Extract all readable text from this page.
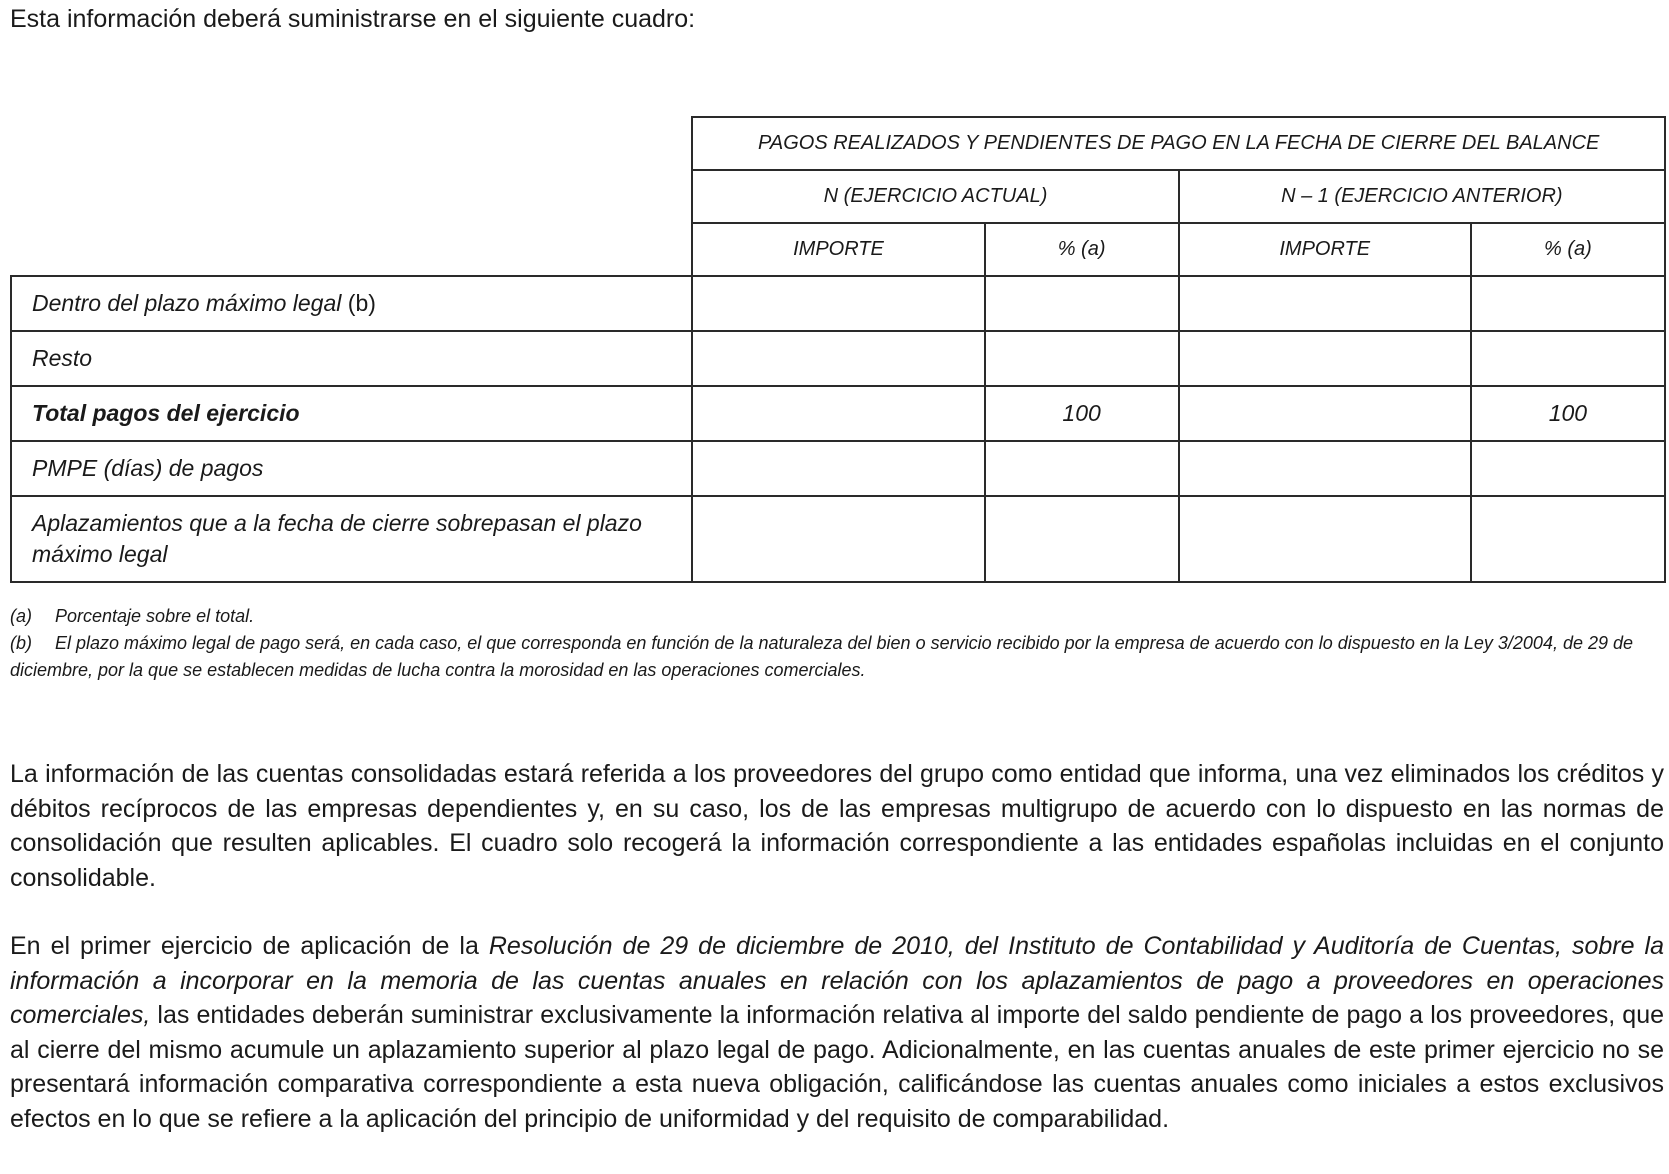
Esta información deberá suministrarse en el siguiente cuadro:

	PAGOS REALIZADOS Y PENDIENTES DE PAGO EN LA FECHA DE CIERRE DEL BALANCE			
	N (EJERCICIO ACTUAL)		N – 1 (EJERCICIO ANTERIOR)	
	IMPORTE	% (a)	IMPORTE	% (a)
Dentro del plazo máximo legal (b)				
Resto				
Total pagos del ejercicio		100		100
PMPE (días) de pagos				
Aplazamientos que a la fecha de cierre sobrepasan el plazo máximo legal				
(a) Porcentaje sobre el total.
(b) El plazo máximo legal de pago será, en cada caso, el que corresponda en función de la naturaleza del bien o servicio recibido por la empresa de acuerdo con lo dispuesto en la Ley 3/2004, de 29 de diciembre, por la que se establecen medidas de lucha contra la morosidad en las operaciones comerciales.

La información de las cuentas consolidadas estará referida a los proveedores del grupo como entidad que informa, una vez eliminados los créditos y débitos recíprocos de las empresas dependientes y, en su caso, los de las empresas multigrupo de acuerdo con lo dispuesto en las normas de consolidación que resulten aplicables. El cuadro solo recogerá la información correspondiente a las entidades españolas incluidas en el conjunto consolidable.

En el primer ejercicio de aplicación de la Resolución de 29 de diciembre de 2010, del Instituto de Contabilidad y Auditoría de Cuentas, sobre la información a incorporar en la memoria de las cuentas anuales en relación con los aplazamientos de pago a proveedores en operaciones comerciales, las entidades deberán suministrar exclusivamente la información relativa al importe del saldo pendiente de pago a los proveedores, que al cierre del mismo acumule un aplazamiento superior al plazo legal de pago. Adicionalmente, en las cuentas anuales de este primer ejercicio no se presentará información comparativa correspondiente a esta nueva obligación, calificándose las cuentas anuales como iniciales a estos exclusivos efectos en lo que se refiere a la aplicación del principio de uniformidad y del requisito de comparabilidad.
